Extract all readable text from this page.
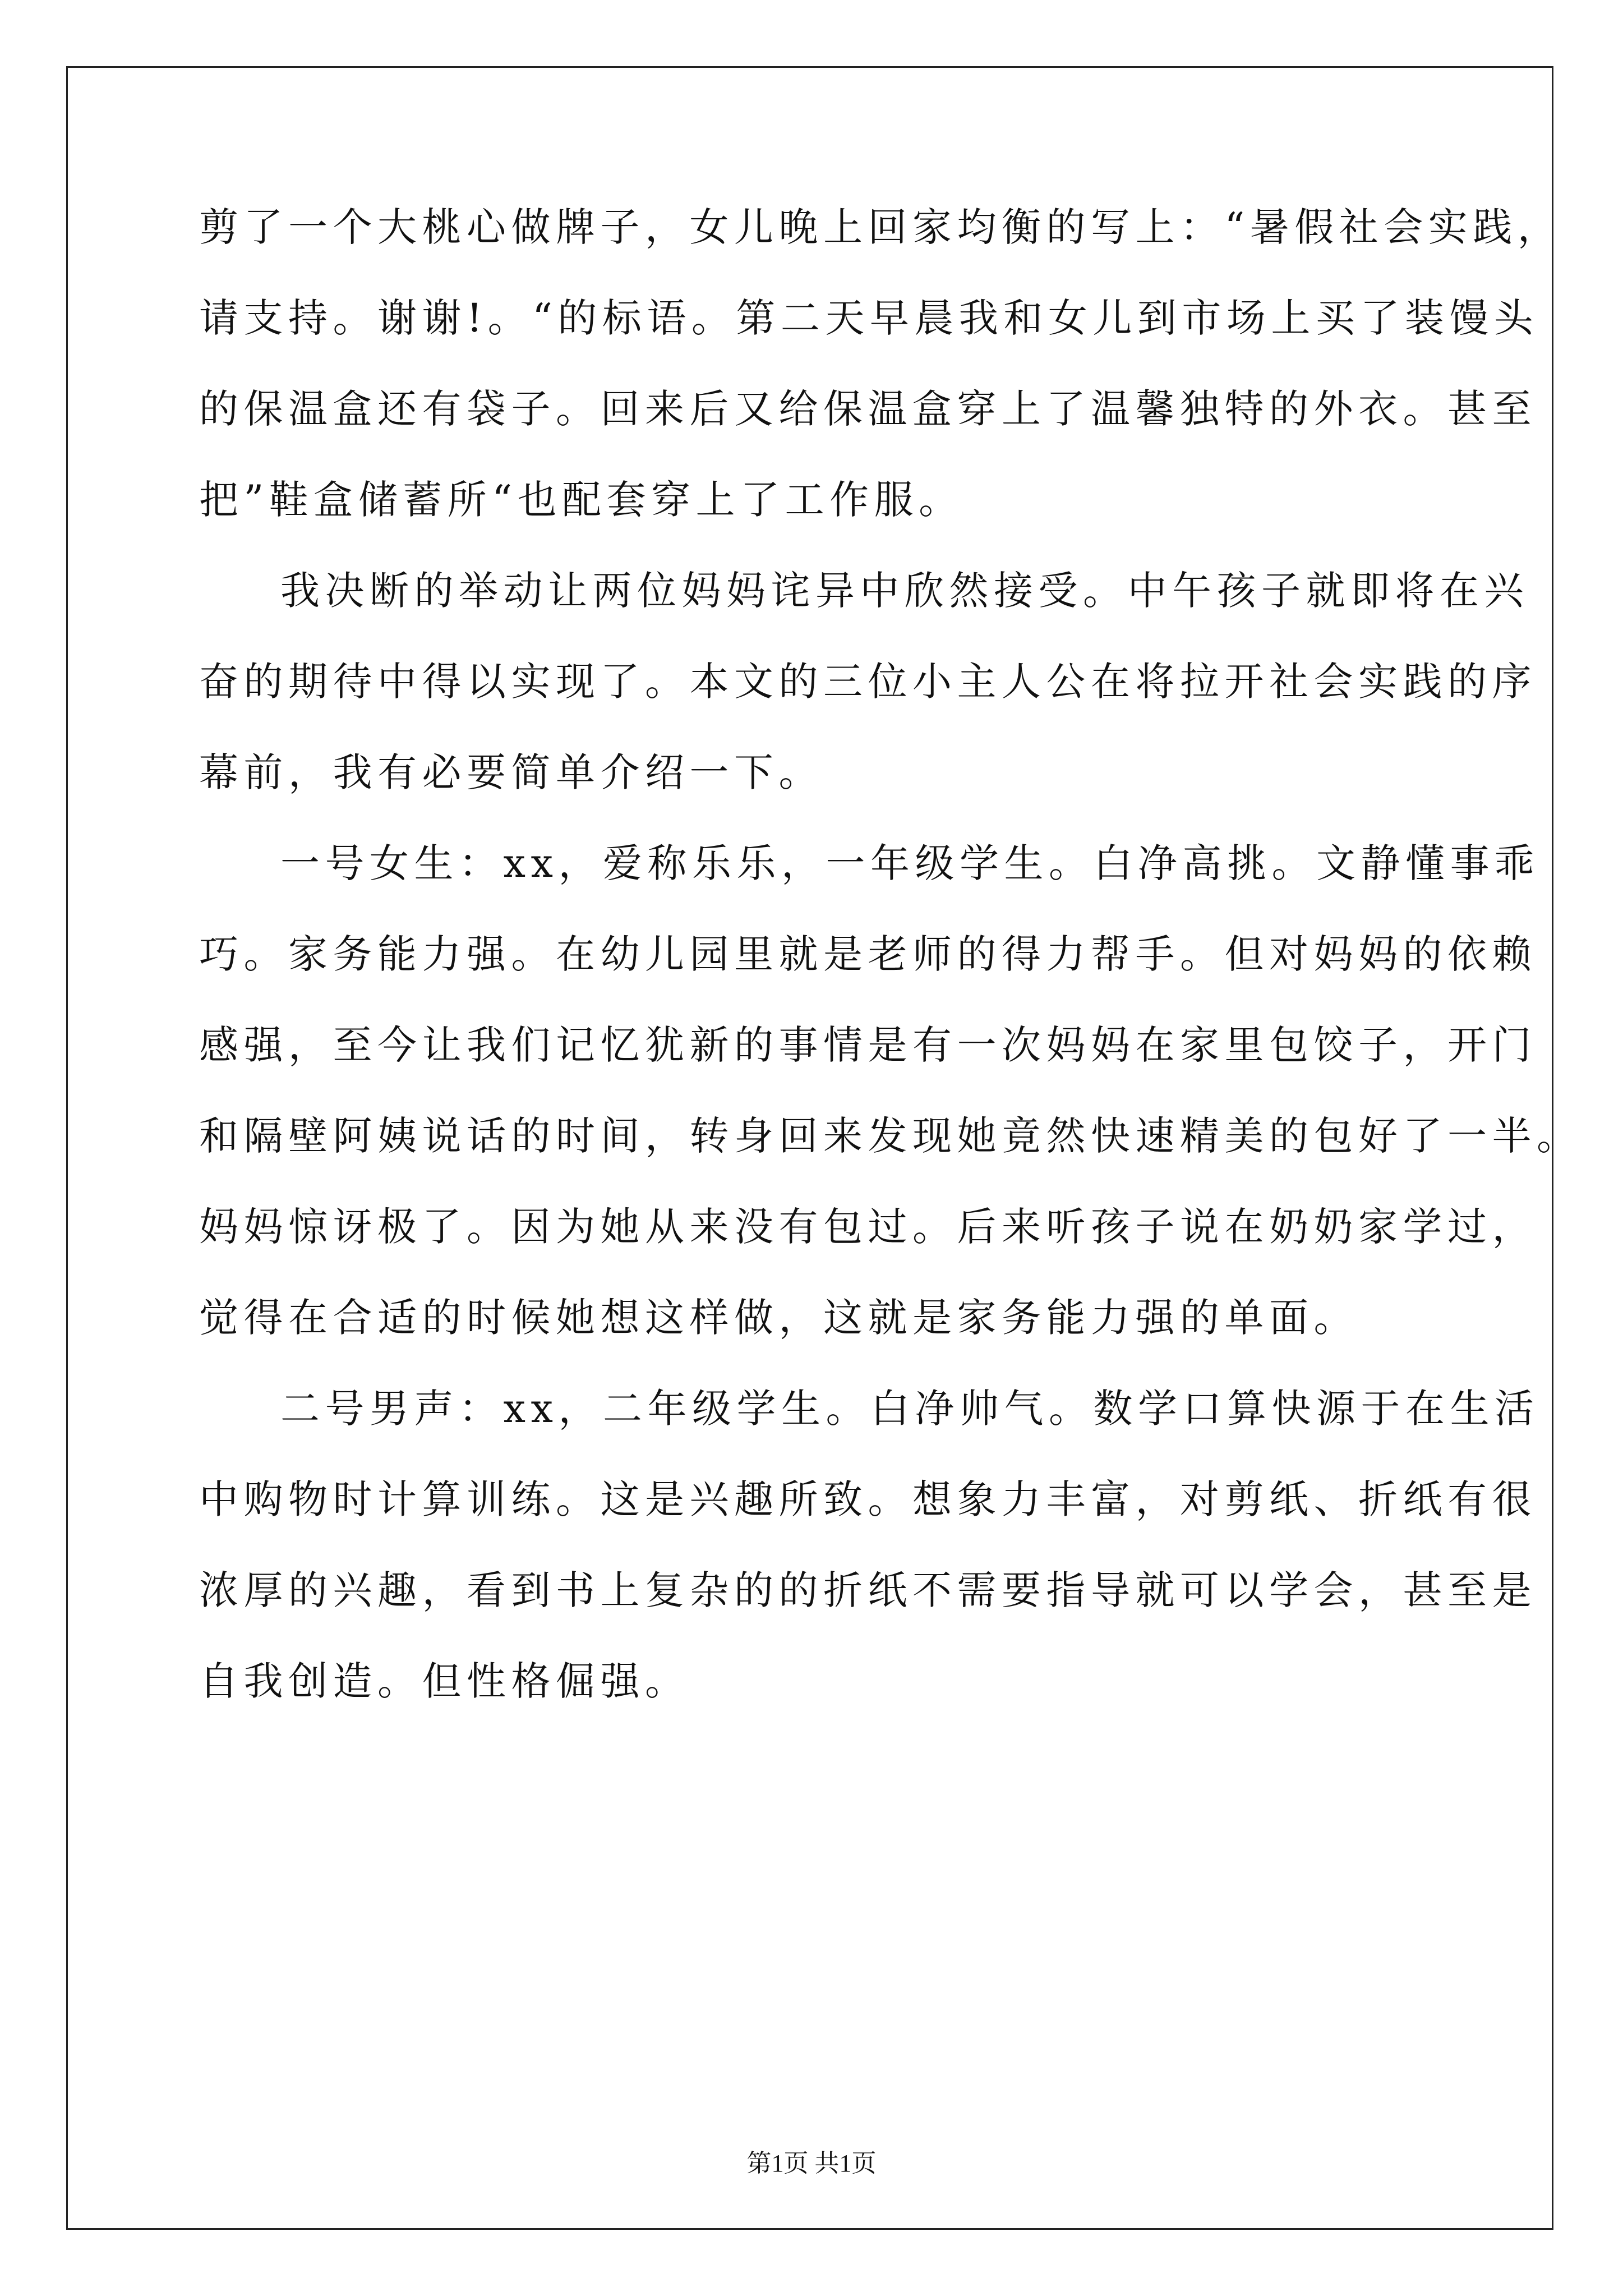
剪了一个大桃心做牌子，女儿晚上回家均衡的写上：“暑假社会实践，
请支持。谢谢!。“的标语。第二天早晨我和女儿到市场上买了装馒头
的保温盒还有袋子。回来后又给保温盒穿上了温馨独特的外衣。甚至
把”鞋盒储蓄所“也配套穿上了工作服。
我决断的举动让两位妈妈诧异中欣然接受。中午孩子就即将在兴
奋的期待中得以实现了。本文的三位小主人公在将拉开社会实践的序
幕前，我有必要简单介绍一下。
一号女生：xx，爱称乐乐，一年级学生。白净高挑。文静懂事乖
巧。家务能力强。在幼儿园里就是老师的得力帮手。但对妈妈的依赖
感强，至今让我们记忆犹新的事情是有一次妈妈在家里包饺子，开门
和隔壁阿姨说话的时间，转身回来发现她竟然快速精美的包好了一半。
妈妈惊讶极了。因为她从来没有包过。后来听孩子说在奶奶家学过，
觉得在合适的时候她想这样做，这就是家务能力强的单面。
二号男声：xx，二年级学生。白净帅气。数学口算快源于在生活
中购物时计算训练。这是兴趣所致。想象力丰富，对剪纸、折纸有很
浓厚的兴趣，看到书上复杂的的折纸不需要指导就可以学会，甚至是
自我创造。但性格倔强。
第1页 共1页
